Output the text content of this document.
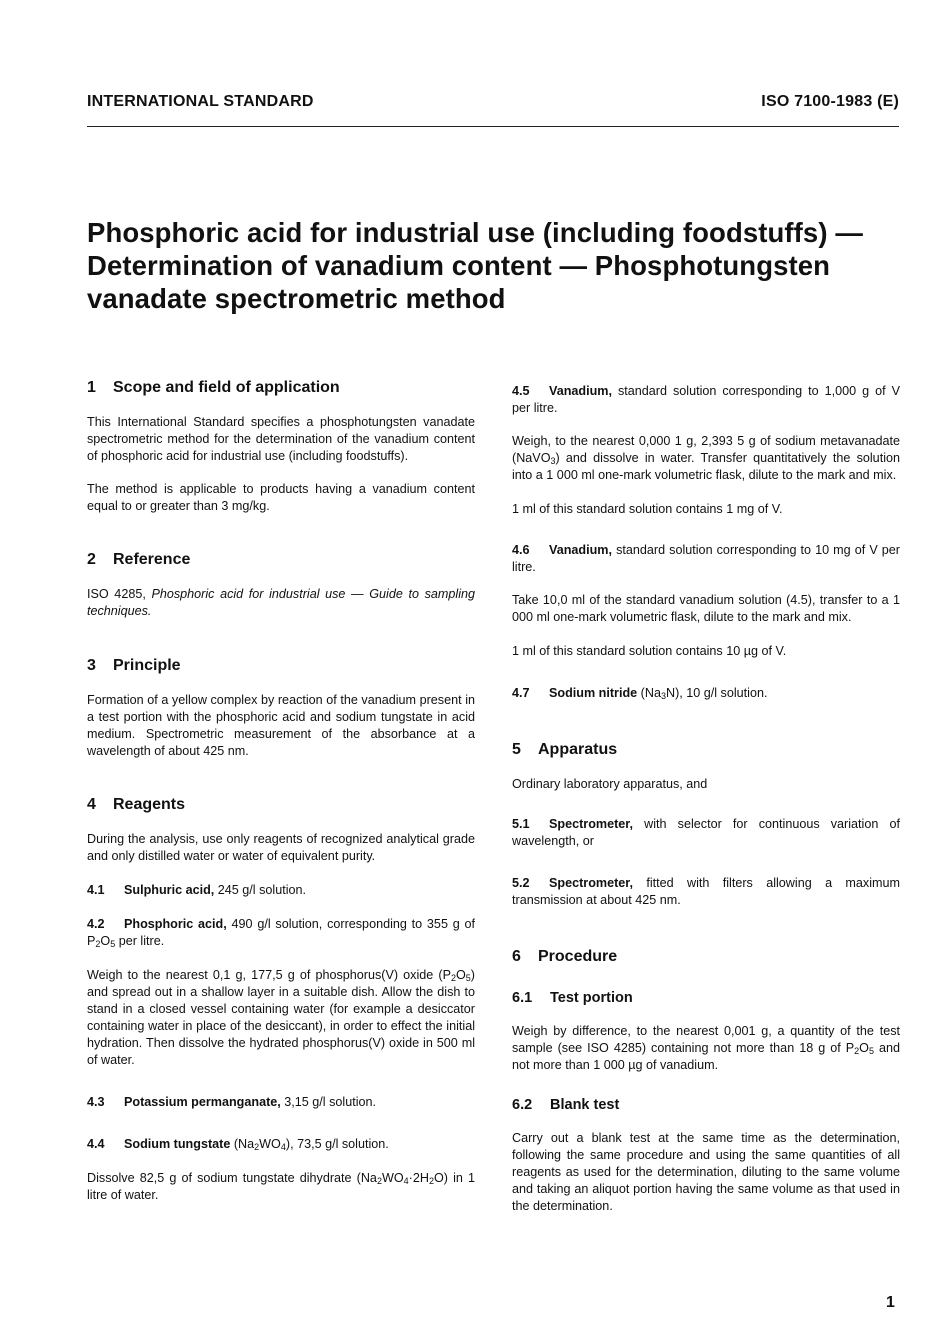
INTERNATIONAL STANDARD	ISO 7100-1983 (E)
Phosphoric acid for industrial use (including foodstuffs) —
Determination of vanadium content — Phosphotungsten
vanadate spectrometric method
1	Scope and field of application

This International Standard specifies a phosphotungsten vanadate spectrometric method for the determination of the vanadium content of phosphoric acid for industrial use (including foodstuffs).

The method is applicable to products having a vanadium content equal to or greater than 3 mg/kg.

2	Reference

ISO 4285, Phosphoric acid for industrial use — Guide to sampling techniques.

3	Principle

Formation of a yellow complex by reaction of the vanadium present in a test portion with the phosphoric acid and sodium tungstate in acid medium. Spectrometric measurement of the absorbance at a wavelength of about 425 nm.

4	Reagents

During the analysis, use only reagents of recognized analytical grade and only distilled water or water of equivalent purity.

4.1 Sulphuric acid, 245 g/l solution.

4.2 Phosphoric acid, 490 g/l solution, corresponding to 355 g of $P_2O_5$ per litre.

Weigh to the nearest 0,1 g, 177,5 g of phosphorus(V) oxide $(P_2O_5)$ and spread out in a shallow layer in a suitable dish. Allow the dish to stand in a closed vessel containing water (for example a desiccator containing water in place of the desiccant), in order to effect the initial hydration. Then dissolve the hydrated phosphorus(V) oxide in 500 ml of water.

4.3 Potassium permanganate, 3,15 g/l solution.

4.4 Sodium tungstate $(Na_2WO_4)$, 73,5 g/l solution.

Dissolve 82,5 g of sodium tungstate dihydrate $(Na_2WO_4\cdot 2H_2O)$ in 1 litre of water.

4.5 Vanadium, standard solution corresponding to 1,000 g of V per litre.

Weigh, to the nearest 0,000 1 g, 2,393 5 g of sodium metavanadate (NaVO$_3$) and dissolve in water. Transfer quantitatively the solution into a 1 000 ml one-mark volumetric flask, dilute to the mark and mix.

1 ml of this standard solution contains 1 mg of V.

4.6 Vanadium, standard solution corresponding to 10 mg of V per litre.

Take 10,0 ml of the standard vanadium solution (4.5), transfer to a 1 000 ml one-mark volumetric flask, dilute to the mark and mix.

1 ml of this standard solution contains 10 µg of V.

4.7 Sodium nitride $(Na_3N)$, 10 g/l solution.

5	Apparatus

Ordinary laboratory apparatus, and

5.1 Spectrometer, with selector for continuous variation of wavelength, or

5.2 Spectrometer, fitted with filters allowing a maximum transmission at about 425 nm.

6	Procedure
6.1	Test portion

Weigh by difference, to the nearest 0,001 g, a quantity of the test sample (see ISO 4285) containing not more than 18 g of $P_2O_5$ and not more than 1 000 µg of vanadium.

6.2	Blank test

Carry out a blank test at the same time as the determination, following the same procedure and using the same quantities of all reagents as used for the determination, diluting to the same volume and taking an aliquot portion having the same volume as that used in the determination.

1
